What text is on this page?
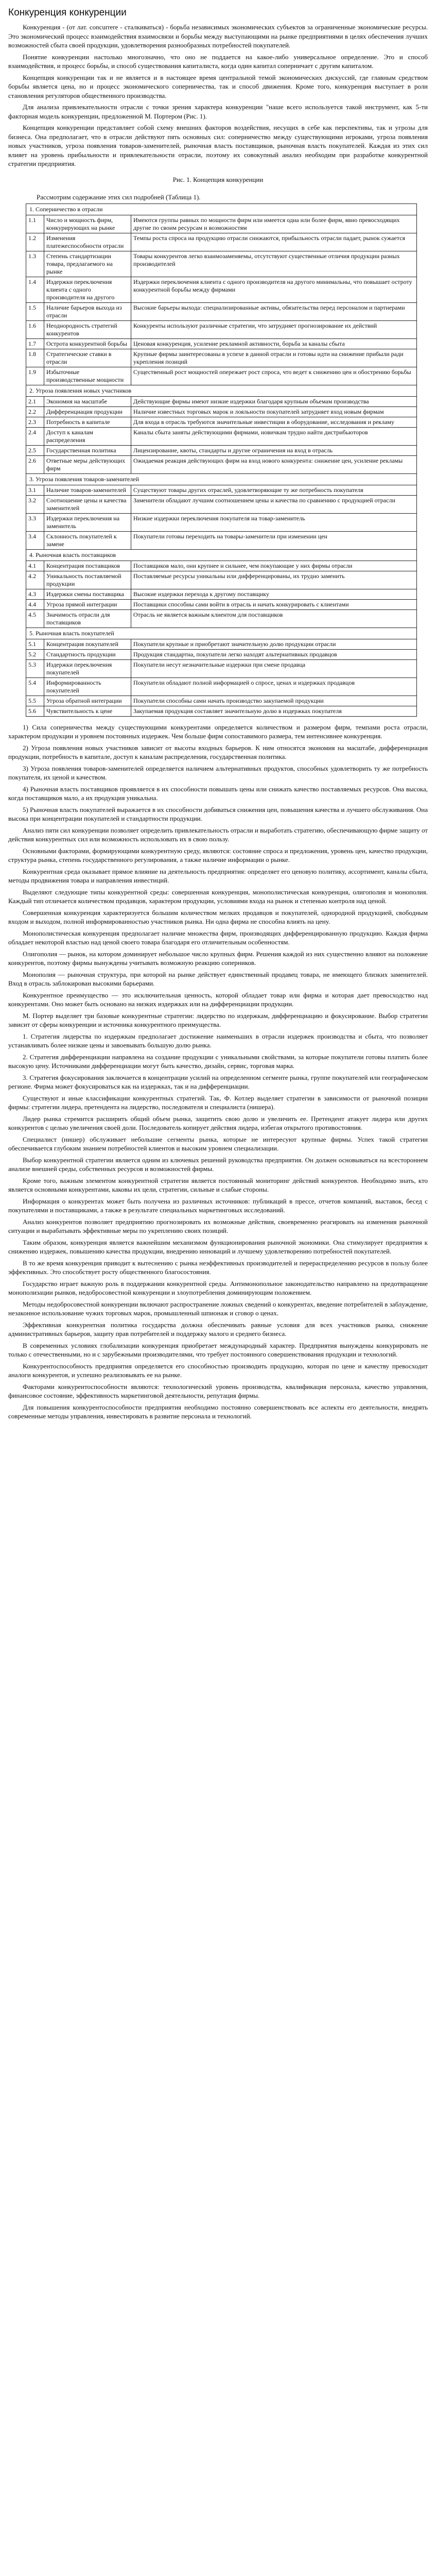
Конкуренция конкуренции

Конкуренция - (от лат. concurrere - сталкиваться) - борьба независимых экономических субъектов за ограниченные экономические ресурсы. Это экономический процесс взаимодействия взаимосвязи и борьбы между выступающими на рынке предприятиями в целях обеспечения лучших возможностей сбыта своей продукции, удовлетворения разнообразных потребностей покупателей.

Понятие конкуренции настолько многозначно, что оно не поддается на какое-либо универсальное определение. Это и способ взаимодействия, и процесс борьбы, и способ существования капиталиста, когда один капитал соперничает с другим капиталом.

Концепция конкуренции так и не является и в настоящее время центральной темой экономических дискуссий, где главным средством борьбы является цена, но и процесс экономического соперничества, так и способ движения. Кроме того, конкуренция выступает в роли становления регуляторов общественного производства.

Для анализа привлекательности отрасли с точки зрения характера конкуренции "наше всего используется такой инструмент, как 5-ти факторная модель конкуренции, предложенной М. Портером (Рис. 1).

Концепция конкуренции представляет собой схему внешних факторов воздействия, несущих в себе как перспективы, так и угрозы для бизнеса. Она предполагает, что в отрасли действуют пять основных сил: соперничество между существующими игроками, угроза появления новых участников, угроза появления товаров-заменителей, рыночная власть поставщиков, рыночная власть покупателей. Каждая из этих сил влияет на уровень прибыльности и привлекательности отрасли, поэтому их совокупный анализ необходим при разработке конкурентной стратегии предприятия.

Рис. 1. Концепция конкуренции
Рассмотрим содержание этих сил подробней (Таблица 1).
1. Соперничество в отрасли		
1.1	Число и мощность фирм, конкурирующих на рынке	Имеются группы равных по мощности фирм или имеется одна или более фирм, явно превосходящих другие по своим ресурсам и возможностям
1.2	Изменения платежеспособности отрасли	Темпы роста спроса на продукцию отрасли снижаются, прибыльность отрасли падает, рынок сужается
1.3	Степень стандартизации товара, предлагаемого на рынке	Товары конкурентов легко взаимозаменяемы, отсутствуют существенные отличия продукции разных производителей
1.4	Издержки переключения клиента с одного производителя на другого	Издержки переключения клиента с одного производителя на другого минимальны, что повышает остроту конкурентной борьбы между фирмами
1.5	Наличие барьеров выхода из отрасли	Высокие барьеры выхода: специализированные активы, обязательства перед персоналом и партнерами
1.6	Неоднородность стратегий конкурентов	Конкуренты используют различные стратегии, что затрудняет прогнозирование их действий
1.7	Острота конкурентной борьбы	Ценовая конкуренция, усиление рекламной активности, борьба за каналы сбыта
1.8	Стратегические ставки в отрасли	Крупные фирмы заинтересованы в успехе в данной отрасли и готовы идти на снижение прибыли ради укрепления позиций
1.9	Избыточные производственные мощности	Существенный рост мощностей опережает рост спроса, что ведет к снижению цен и обострению борьбы
2. Угроза появления новых участников		
2.1	Экономия на масштабе	Действующие фирмы имеют низкие издержки благодаря крупным объемам производства
2.2	Дифференциация продукции	Наличие известных торговых марок и лояльности покупателей затрудняет вход новым фирмам
2.3	Потребность в капитале	Для входа в отрасль требуются значительные инвестиции в оборудование, исследования и рекламу
2.4	Доступ к каналам распределения	Каналы сбыта заняты действующими фирмами, новичкам трудно найти дистрибьюторов
2.5	Государственная политика	Лицензирование, квоты, стандарты и другие ограничения на вход в отрасль
2.6	Ответные меры действующих фирм	Ожидаемая реакция действующих фирм на вход нового конкурента: снижение цен, усиление рекламы
3. Угроза появления товаров-заменителей		
3.1	Наличие товаров-заменителей	Существуют товары других отраслей, удовлетворяющие ту же потребность покупателя
3.2	Соотношение цены и качества заменителей	Заменители обладают лучшим соотношением цены и качества по сравнению с продукцией отрасли
3.3	Издержки переключения на заменитель	Низкие издержки переключения покупателя на товар-заменитель
3.4	Склонность покупателей к замене	Покупатели готовы переходить на товары-заменители при изменении цен
4. Рыночная власть поставщиков		
4.1	Концентрация поставщиков	Поставщиков мало, они крупнее и сильнее, чем покупающие у них фирмы отрасли
4.2	Уникальность поставляемой продукции	Поставляемые ресурсы уникальны или дифференцированы, их трудно заменить
4.3	Издержки смены поставщика	Высокие издержки перехода к другому поставщику
4.4	Угроза прямой интеграции	Поставщики способны сами войти в отрасль и начать конкурировать с клиентами
4.5	Значимость отрасли для поставщиков	Отрасль не является важным клиентом для поставщиков
5. Рыночная власть покупателей		
5.1	Концентрация покупателей	Покупатели крупные и приобретают значительную долю продукции отрасли
5.2	Стандартность продукции	Продукция стандартна, покупатели легко находят альтернативных продавцов
5.3	Издержки переключения покупателей	Покупатели несут незначительные издержки при смене продавца
5.4	Информированность покупателей	Покупатели обладают полной информацией о спросе, ценах и издержках продавцов
5.5	Угроза обратной интеграции	Покупатели способны сами начать производство закупаемой продукции
5.6	Чувствительность к цене	Закупаемая продукция составляет значительную долю в издержках покупателя

1) Сила соперничества между существующими конкурентами определяется количеством и размером фирм, темпами роста отрасли, характером продукции и уровнем постоянных издержек. Чем больше фирм сопоставимого размера, тем интенсивнее конкуренция.

2) Угроза появления новых участников зависит от высоты входных барьеров. К ним относятся экономия на масштабе, дифференциация продукции, потребность в капитале, доступ к каналам распределения, государственная политика.

3) Угроза появления товаров-заменителей определяется наличием альтернативных продуктов, способных удовлетворить ту же потребность покупателя, их ценой и качеством.

4) Рыночная власть поставщиков проявляется в их способности повышать цены или снижать качество поставляемых ресурсов. Она высока, когда поставщиков мало, а их продукция уникальна.

5) Рыночная власть покупателей выражается в их способности добиваться снижения цен, повышения качества и лучшего обслуживания. Она высока при концентрации покупателей и стандартности продукции.

Анализ пяти сил конкуренции позволяет определить привлекательность отрасли и выработать стратегию, обеспечивающую фирме защиту от действия конкурентных сил или возможность использовать их в свою пользу.

Основными факторами, формирующими конкурентную среду, являются: состояние спроса и предложения, уровень цен, качество продукции, структура рынка, степень государственного регулирования, а также наличие информации о рынке.

Конкурентная среда оказывает прямое влияние на деятельность предприятия: определяет его ценовую политику, ассортимент, каналы сбыта, методы продвижения товара и направления инвестиций.

Выделяют следующие типы конкурентной среды: совершенная конкуренция, монополистическая конкуренция, олигополия и монополия. Каждый тип отличается количеством продавцов, характером продукции, условиями входа на рынок и степенью контроля над ценой.

Совершенная конкуренция характеризуется большим количеством мелких продавцов и покупателей, однородной продукцией, свободным входом и выходом, полной информированностью участников рынка. Ни одна фирма не способна влиять на цену.

Монополистическая конкуренция предполагает наличие множества фирм, производящих дифференцированную продукцию. Каждая фирма обладает некоторой властью над ценой своего товара благодаря его отличительным особенностям.

Олигополия — рынок, на котором доминирует небольшое число крупных фирм. Решения каждой из них существенно влияют на положение конкурентов, поэтому фирмы вынуждены учитывать возможную реакцию соперников.

Монополия — рыночная структура, при которой на рынке действует единственный продавец товара, не имеющего близких заменителей. Вход в отрасль заблокирован высокими барьерами.

Конкурентное преимущество — это исключительная ценность, которой обладает товар или фирма и которая дает превосходство над конкурентами. Оно может быть основано на низких издержках или на дифференциации продукции.

М. Портер выделяет три базовые конкурентные стратегии: лидерство по издержкам, дифференциацию и фокусирование. Выбор стратегии зависит от сферы конкуренции и источника конкурентного преимущества.

1. Стратегия лидерства по издержкам предполагает достижение наименьших в отрасли издержек производства и сбыта, что позволяет устанавливать более низкие цены и завоевывать большую долю рынка.

2. Стратегия дифференциации направлена на создание продукции с уникальными свойствами, за которые покупатели готовы платить более высокую цену. Источниками дифференциации могут быть качество, дизайн, сервис, торговая марка.

3. Стратегия фокусирования заключается в концентрации усилий на определенном сегменте рынка, группе покупателей или географическом регионе. Фирма может фокусироваться как на издержках, так и на дифференциации.

Существуют и иные классификации конкурентных стратегий. Так, Ф. Котлер выделяет стратегии в зависимости от рыночной позиции фирмы: стратегии лидера, претендента на лидерство, последователя и специалиста (нишера).

Лидер рынка стремится расширить общий объем рынка, защитить свою долю и увеличить ее. Претендент атакует лидера или других конкурентов с целью увеличения своей доли. Последователь копирует действия лидера, избегая открытого противостояния.

Специалист (нишер) обслуживает небольшие сегменты рынка, которые не интересуют крупные фирмы. Успех такой стратегии обеспечивается глубоким знанием потребностей клиентов и высоким уровнем специализации.

Выбор конкурентной стратегии является одним из ключевых решений руководства предприятия. Он должен основываться на всестороннем анализе внешней среды, собственных ресурсов и возможностей фирмы.

Кроме того, важным элементом конкурентной стратегии является постоянный мониторинг действий конкурентов. Необходимо знать, кто является основными конкурентами, каковы их цели, стратегии, сильные и слабые стороны.

Информация о конкурентах может быть получена из различных источников: публикаций в прессе, отчетов компаний, выставок, бесед с покупателями и поставщиками, а также в результате специальных маркетинговых исследований.

Анализ конкурентов позволяет предприятию прогнозировать их возможные действия, своевременно реагировать на изменения рыночной ситуации и вырабатывать эффективные меры по укреплению своих позиций.

Таким образом, конкуренция является важнейшим механизмом функционирования рыночной экономики. Она стимулирует предприятия к снижению издержек, повышению качества продукции, внедрению инноваций и лучшему удовлетворению потребностей покупателей.

В то же время конкуренция приводит к вытеснению с рынка неэффективных производителей и перераспределению ресурсов в пользу более эффективных. Это способствует росту общественного благосостояния.

Государство играет важную роль в поддержании конкурентной среды. Антимонопольное законодательство направлено на предотвращение монополизации рынков, недобросовестной конкуренции и злоупотребления доминирующим положением.

Методы недобросовестной конкуренции включают распространение ложных сведений о конкурентах, введение потребителей в заблуждение, незаконное использование чужих торговых марок, промышленный шпионаж и сговор о ценах.

Эффективная конкурентная политика государства должна обеспечивать равные условия для всех участников рынка, снижение административных барьеров, защиту прав потребителей и поддержку малого и среднего бизнеса.

В современных условиях глобализации конкуренция приобретает международный характер. Предприятия вынуждены конкурировать не только с отечественными, но и с зарубежными производителями, что требует постоянного совершенствования продукции и технологий.

Конкурентоспособность предприятия определяется его способностью производить продукцию, которая по цене и качеству превосходит аналоги конкурентов, и успешно реализовывать ее на рынке.

Факторами конкурентоспособности являются: технологический уровень производства, квалификация персонала, качество управления, финансовое состояние, эффективность маркетинговой деятельности, репутация фирмы.

Для повышения конкурентоспособности предприятия необходимо постоянно совершенствовать все аспекты его деятельности, внедрять современные методы управления, инвестировать в развитие персонала и технологий.
